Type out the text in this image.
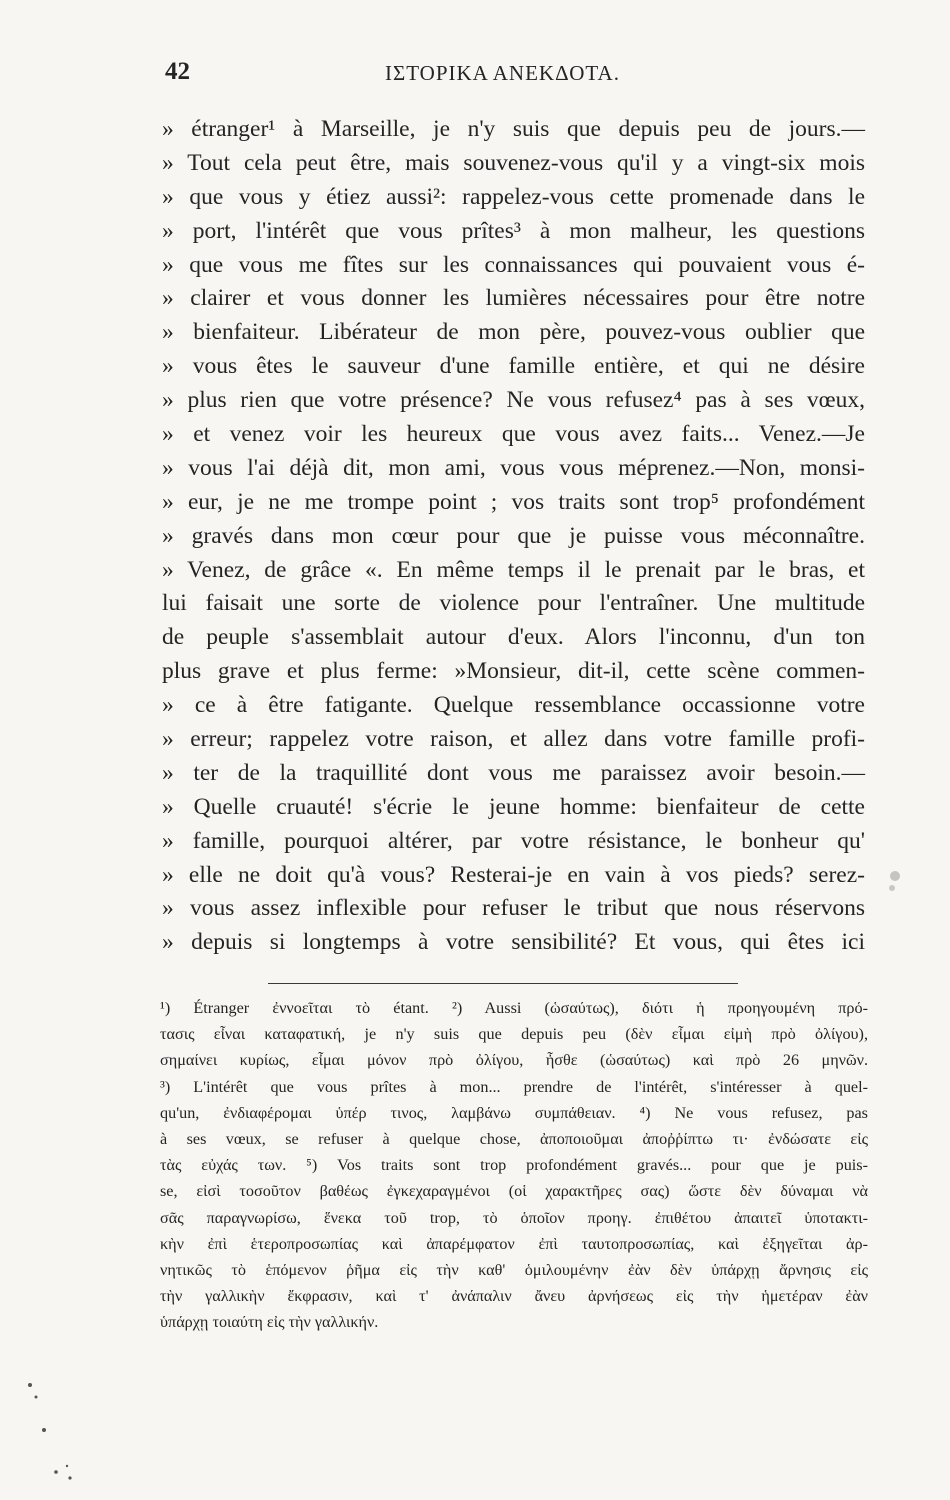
42	ΙΣΤΟΡΙΚΑ ΑΝΕΚΔΟΤΑ.
» étranger¹ à Marseille, je n'y suis que depuis peu de jours.—
» Tout cela peut être, mais souvenez-vous qu'il y a vingt-six mois
» que vous y étiez aussi²: rappelez-vous cette promenade dans le
» port, l'intérêt que vous prîtes³ à mon malheur, les questions
» que vous me fîtes sur les connaissances qui pouvaient vous é-
» clairer et vous donner les lumières nécessaires pour être notre
» bienfaiteur. Libérateur de mon père, pouvez-vous oublier que
» vous êtes le sauveur d'une famille entière, et qui ne désire
» plus rien que votre présence? Ne vous refusez⁴ pas à ses vœux,
» et venez voir les heureux que vous avez faits... Venez.—Je
» vous l'ai déjà dit, mon ami, vous vous méprenez.—Non, monsi-
» eur, je ne me trompe point ; vos traits sont trop⁵ profondément
» gravés dans mon cœur pour que je puisse vous méconnaître.
» Venez, de grâce «. En même temps il le prenait par le bras, et
lui faisait une sorte de violence pour l'entraîner. Une multitude
de peuple s'assemblait autour d'eux. Alors l'inconnu, d'un ton
plus grave et plus ferme: »Monsieur, dit-il, cette scène commen-
» ce à être fatigante. Quelque ressemblance occassionne votre
» erreur; rappelez votre raison, et allez dans votre famille profi-
» ter de la traquillité dont vous me paraissez avoir besoin.—
» Quelle cruauté! s'écrie le jeune homme: bienfaiteur de cette
» famille, pourquoi altérer, par votre résistance, le bonheur qu'
» elle ne doit qu'à vous? Resterai-je en vain à vos pieds? serez-
» vous assez inflexible pour refuser le tribut que nous réservons
» depuis si longtemps à votre sensibilité? Et vous, qui êtes ici
¹) Étranger ἐννοεῖται τὸ étant. ²) Aussi (ὡσαύτως), διότι ἡ προηγουμένη πρό-
τασις εἶναι καταφατική, je n'y suis que depuis peu (δὲν εἶμαι εἰμὴ πρὸ ὀλίγου),
σημαίνει κυρίως, εἶμαι μόνον πρὸ ὀλίγου, ἦσθε (ὡσαύτως) καὶ πρὸ 26 μηνῶν.
³) L'intérêt que vous prîtes à mon... prendre de l'intérêt, s'intéresser à quel-
qu'un, ἐνδιαφέρομαι ὑπέρ τινος, λαμβάνω συμπάθειαν. ⁴) Ne vous refusez, pas
à ses vœux, se refuser à quelque chose, ἀποποιοῦμαι ἀποῤῥίπτω τι· ἐνδώσατε εἰς
τὰς εὐχάς των. ⁵) Vos traits sont trop profondément gravés... pour que je puis-
se, εἰσὶ τοσοῦτον βαθέως ἐγκεχαραγμένοι (οἱ χαρακτῆρες σας) ὥστε δὲν δύναμαι νὰ
σᾶς παραγνωρίσω, ἕνεκα τοῦ trop, τὸ ὁποῖον προηγ. ἐπιθέτου ἀπαιτεῖ ὑποτακτι-
κὴν ἐπὶ ἑτεροπροσωπίας καὶ ἀπαρέμφατον ἐπὶ ταυτοπροσωπίας, καὶ ἐξηγεῖται ἀρ-
νητικῶς τὸ ἑπόμενον ῥῆμα εἰς τὴν καθ' ὁμιλουμένην ἐὰν δὲν ὑπάρχῃ ἄρνησις εἰς
τὴν γαλλικὴν ἔκφρασιν, καὶ τ' ἀνάπαλιν ἄνευ ἀρνήσεως εἰς τὴν ἡμετέραν ἐὰν
ὑπάρχῃ τοιαύτη εἰς τὴν γαλλικήν.
